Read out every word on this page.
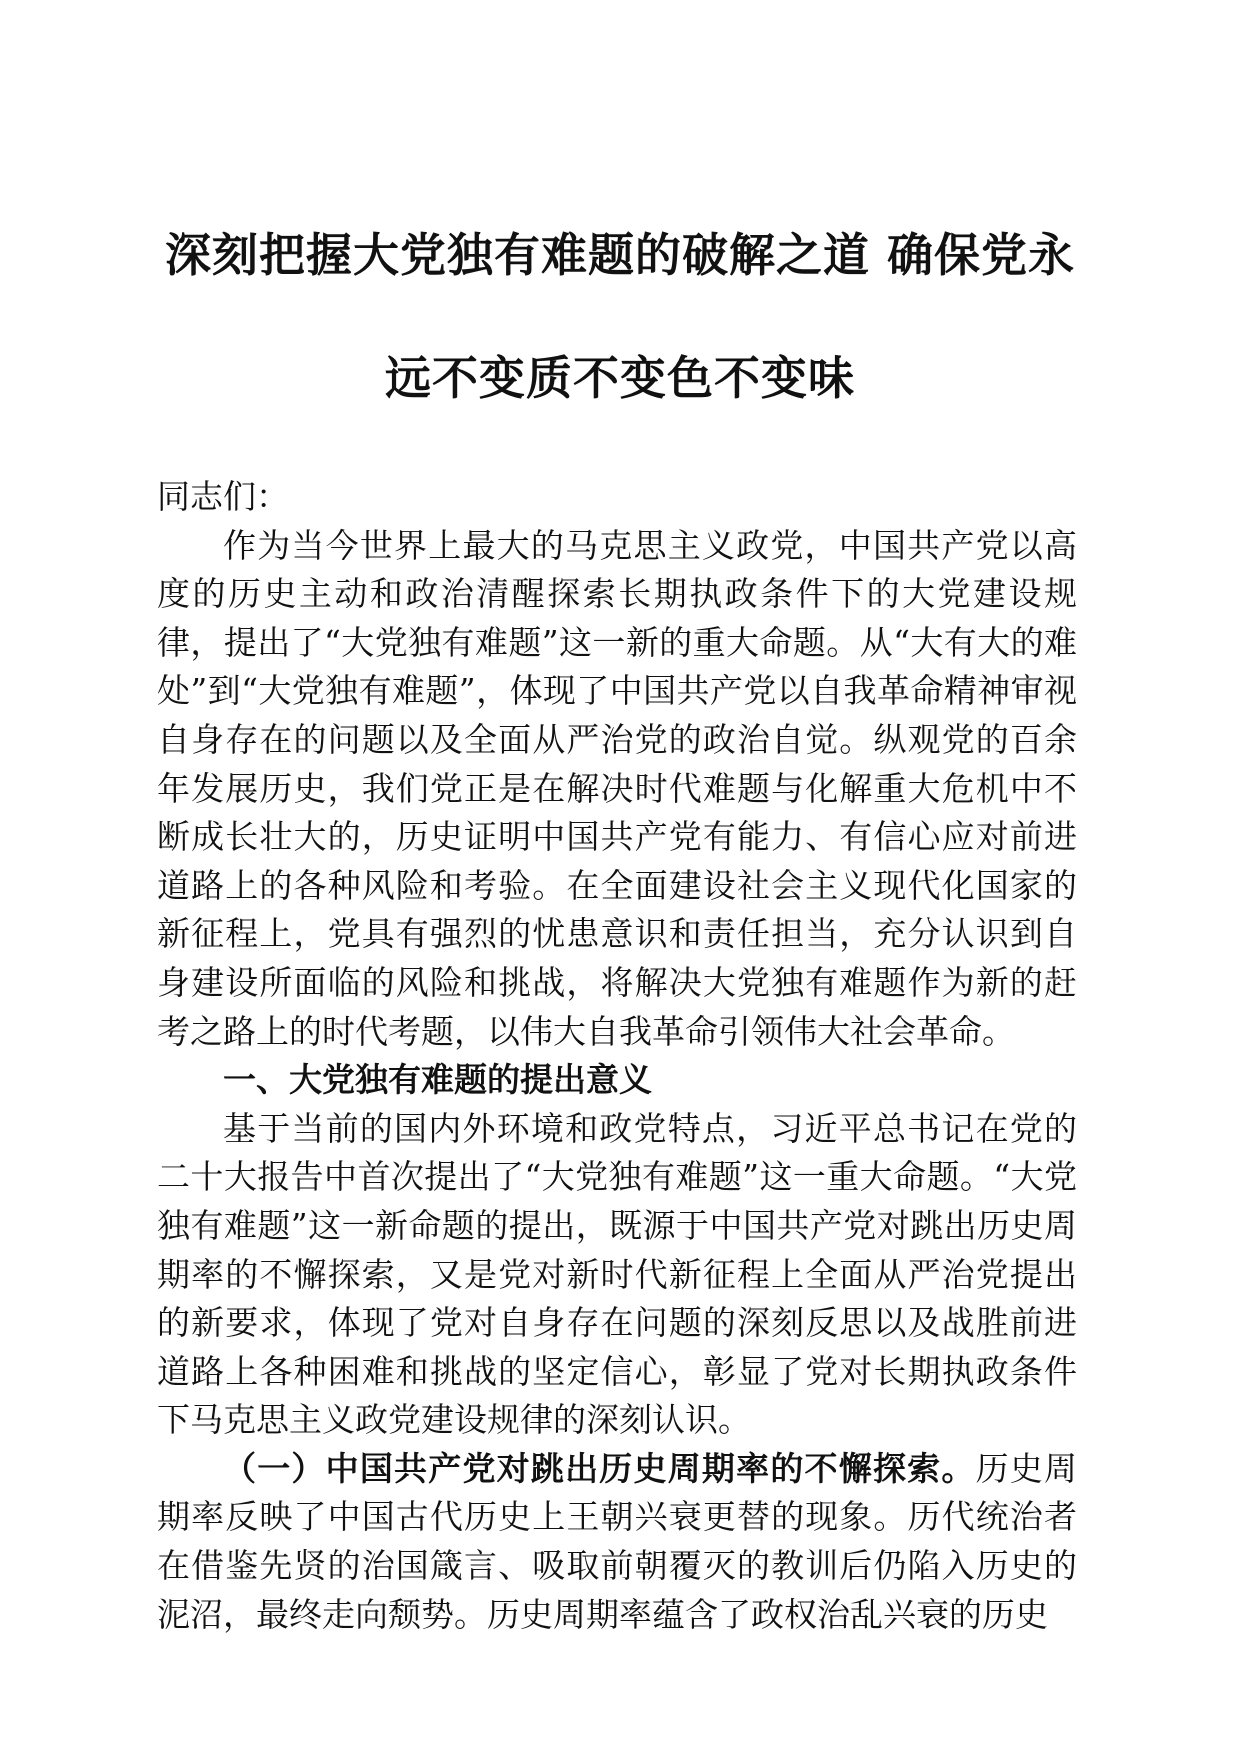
深刻把握大党独有难题的破解之道 确保党永
远不变质不变色不变味

同志们：

作为当今世界上最大的马克思主义政党，中国共产党以高度的历史主动和政治清醒探索长期执政条件下的大党建设规律，提出了“大党独有难题”这一新的重大命题。从“大有大的难处”到“大党独有难题”，体现了中国共产党以自我革命精神审视自身存在的问题以及全面从严治党的政治自觉。纵观党的百余年发展历史，我们党正是在解决时代难题与化解重大危机中不断成长壮大的，历史证明中国共产党有能力、有信心应对前进道路上的各种风险和考验。在全面建设社会主义现代化国家的新征程上，党具有强烈的忧患意识和责任担当，充分认识到自身建设所面临的风险和挑战，将解决大党独有难题作为新的赶考之路上的时代考题，以伟大自我革命引领伟大社会革命。

一、大党独有难题的提出意义

基于当前的国内外环境和政党特点，习近平总书记在党的二十大报告中首次提出了“大党独有难题”这一重大命题。“大党独有难题”这一新命题的提出，既源于中国共产党对跳出历史周期率的不懈探索，又是党对新时代新征程上全面从严治党提出的新要求，体现了党对自身存在问题的深刻反思以及战胜前进道路上各种困难和挑战的坚定信心，彰显了党对长期执政条件下马克思主义政党建设规律的深刻认识。

（一）中国共产党对跳出历史周期率的不懈探索。历史周期率反映了中国古代历史上王朝兴衰更替的现象。历代统治者在借鉴先贤的治国箴言、吸取前朝覆灭的教训后仍陷入历史的泥沼，最终走向颓势。历史周期率蕴含了政权治乱兴衰的历史
